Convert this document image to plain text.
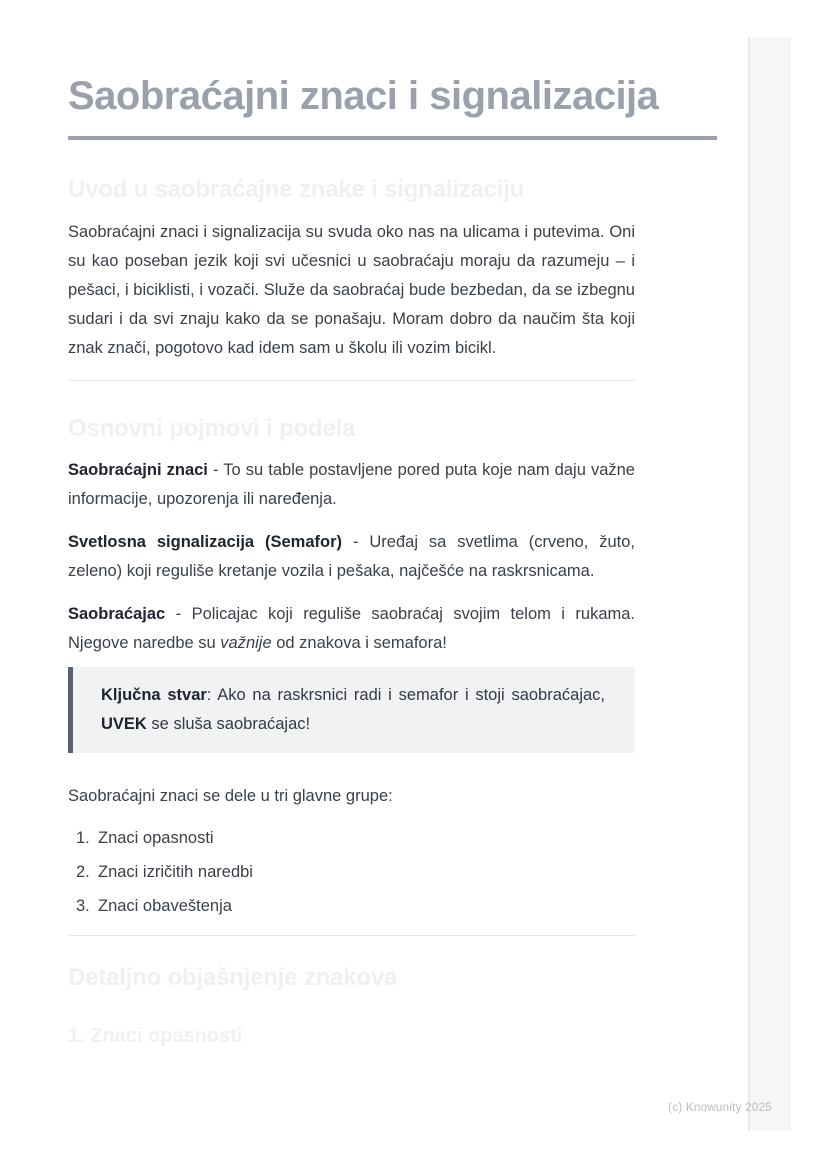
Saobraćajni znaci i signalizacija
Uvod u saobraćajne znake i signalizaciju

Saobraćajni znaci i signalizacija su svuda oko nas na ulicama i putevima. Oni su kao poseban jezik koji svi učesnici u saobraćaju moraju da razumeju – i pešaci, i biciklisti, i vozači. Služe da saobraćaj bude bezbedan, da se izbegnu sudari i da svi znaju kako da se ponašaju. Moram dobro da naučim šta koji znak znači, pogotovo kad idem sam u školu ili vozim bicikl.

Osnovni pojmovi i podela

Saobraćajni znaci - To su table postavljene pored puta koje nam daju važne informacije, upozorenja ili naređenja.

Svetlosna signalizacija (Semafor) - Uređaj sa svetlima (crveno, žuto, zeleno) koji reguliše kretanje vozila i pešaka, najčešće na raskrsnicama.

Saobraćajac - Policajac koji reguliše saobraćaj svojim telom i rukama. Njegove naredbe su važnije od znakova i semafora!

Ključna stvar: Ako na raskrsnici radi i semafor i stoji saobraćajac, UVEK se sluša saobraćajac!

Saobraćajni znaci se dele u tri glavne grupe:

1. Znaci opasnosti
2. Znaci izričitih naredbi
3. Znaci obaveštenja
Detaljno objašnjenje znakova
1. Znaci opasnosti
(c) Knowunity 2025
